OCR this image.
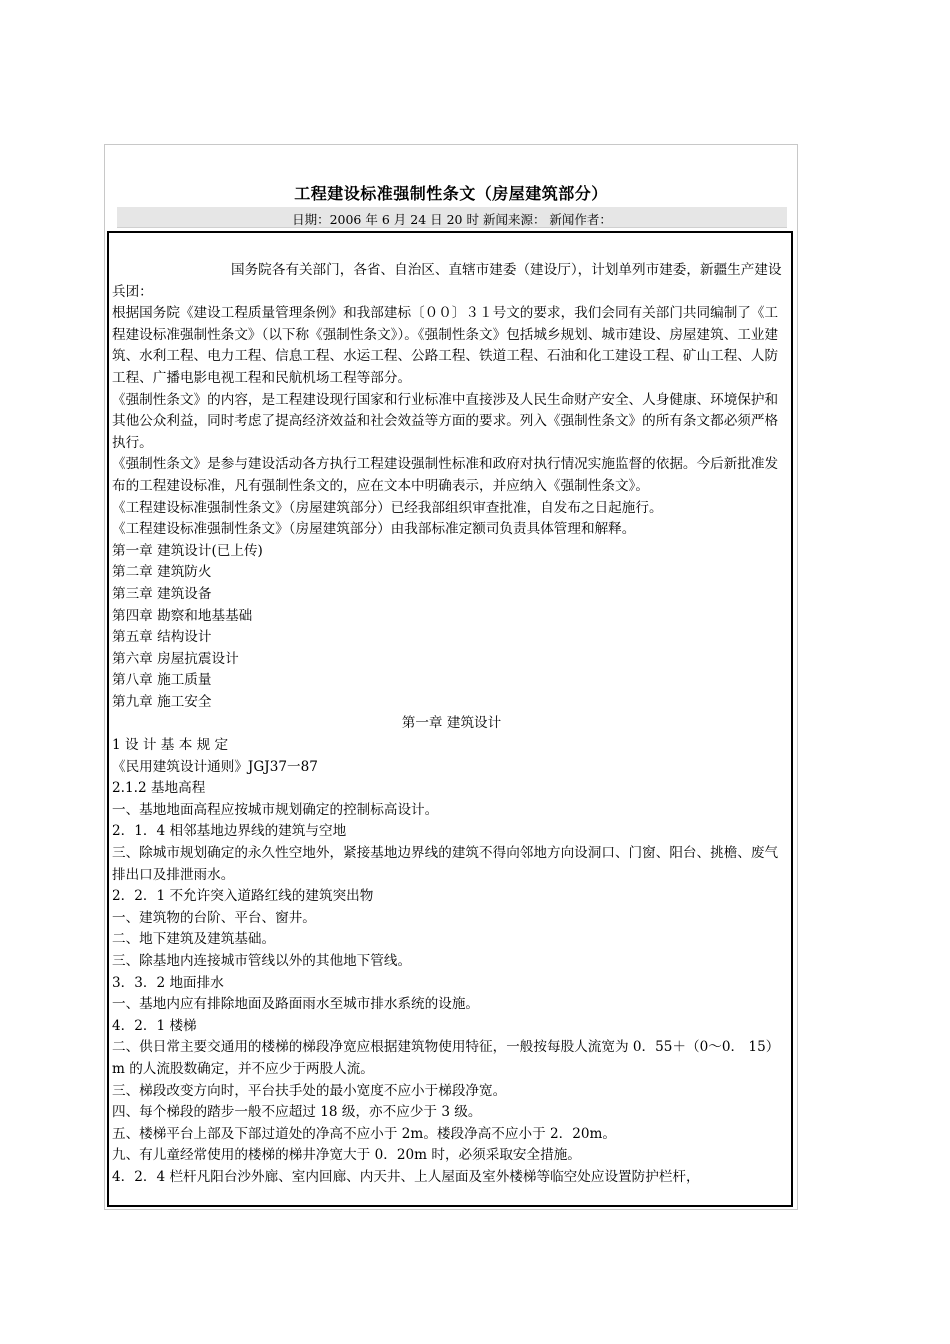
工程建设标准强制性条文（房屋建筑部分）
日期：2006 年 6 月 24 日 20 时 新闻来源： 新闻作者：
国务院各有关部门，各省、自治区、直辖市建委（建设厅），计划单列市建委，新疆生产建设兵团：
根据国务院《建设工程质量管理条例》和我部建标〔００〕３１号文的要求，我们会同有关部门共同编制了《工程建设标准强制性条文》（以下称《强制性条文》）。《强制性条文》包括城乡规划、城市建设、房屋建筑、工业建筑、水利工程、电力工程、信息工程、水运工程、公路工程、铁道工程、石油和化工建设工程、矿山工程、人防工程、广播电影电视工程和民航机场工程等部分。
《强制性条文》的内容，是工程建设现行国家和行业标准中直接涉及人民生命财产安全、人身健康、环境保护和其他公众利益，同时考虑了提高经济效益和社会效益等方面的要求。列入《强制性条文》的所有条文都必须严格执行。
《强制性条文》是参与建设活动各方执行工程建设强制性标准和政府对执行情况实施监督的依据。今后新批准发布的工程建设标准，凡有强制性条文的，应在文本中明确表示，并应纳入《强制性条文》。
《工程建设标准强制性条文》（房屋建筑部分）已经我部组织审查批准，自发布之日起施行。
《工程建设标准强制性条文》（房屋建筑部分）由我部标准定额司负责具体管理和解释。
第一章 建筑设计(已上传)
第二章 建筑防火
第三章 建筑设备
第四章 勘察和地基基础
第五章 结构设计
第六章 房屋抗震设计
第八章 施工质量
第九章 施工安全
第一章 建筑设计
1 设 计 基 本 规 定
《民用建筑设计通则》JGJ37一87
2.1.2 基地高程
一、基地地面高程应按城市规划确定的控制标高设计。
2．1．4 相邻基地边界线的建筑与空地
三、除城市规划确定的永久性空地外，紧接基地边界线的建筑不得向邻地方向设洞口、门窗、阳台、挑檐、废气排出口及排泄雨水。
2．2．1 不允许突入道路红线的建筑突出物
一、建筑物的台阶、平台、窗井。
二、地下建筑及建筑基础。
三、除基地内连接城市管线以外的其他地下管线。
3．3．2 地面排水
一、基地内应有排除地面及路面雨水至城市排水系统的设施。
4．2．1 楼梯
二、供日常主要交通用的楼梯的梯段净宽应根据建筑物使用特征，一般按每股人流宽为 0．55＋（0～0． 15）m 的人流股数确定，并不应少于两股人流。
三、梯段改变方向时，平台扶手处的最小宽度不应小于梯段净宽。
四、每个梯段的踏步一般不应超过 18 级，亦不应少于 3 级。
五、楼梯平台上部及下部过道处的净高不应小于 2m。楼段净高不应小于 2．20m。
九、有儿童经常使用的楼梯的梯井净宽大于 0．20m 时，必须采取安全措施。
4．2．4 栏杆凡阳台沙外廊、室内回廊、内天井、上人屋面及室外楼梯等临空处应设置防护栏杆，
